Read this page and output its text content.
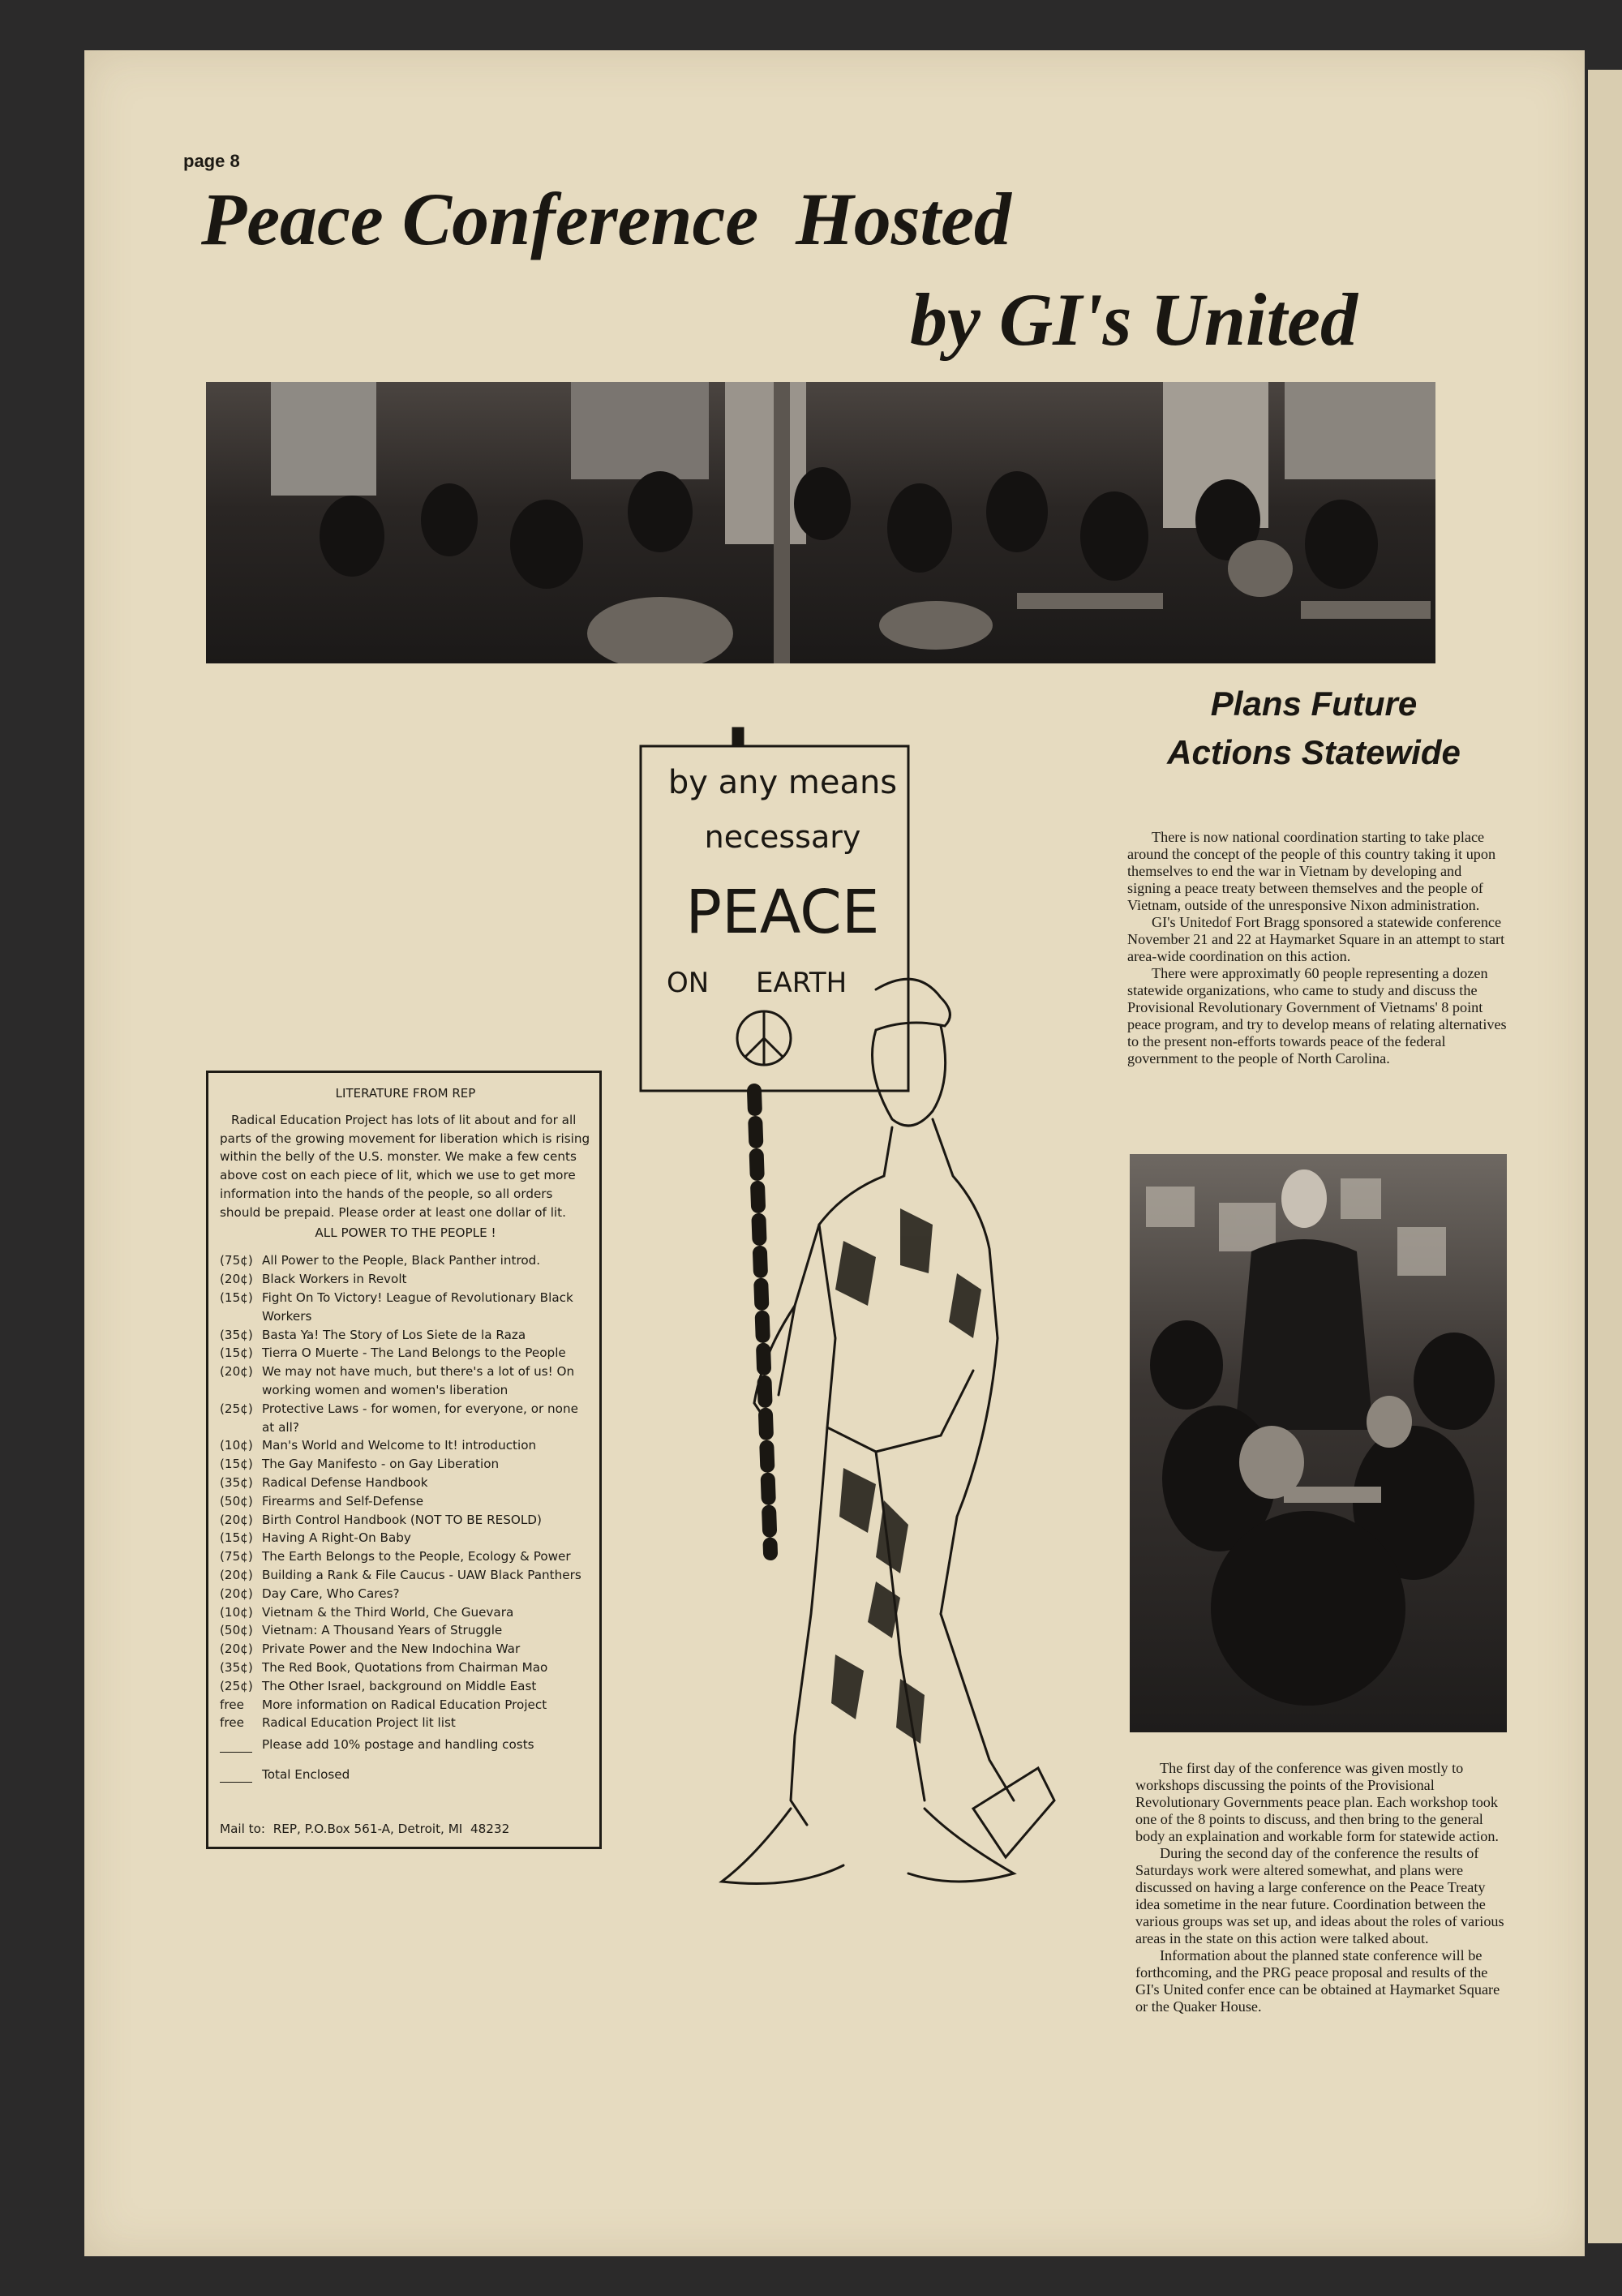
page 8
Peace Conference  Hosted
by GI's United
Plans Future
Actions Statewide

There is now national coordination starting to take place around the concept of the people of this country taking it upon themselves to end the war in Vietnam by developing and signing a peace treaty between themselves and the people of Vietnam, outside of the unresponsive Nixon administration.

GI's Unitedof Fort Bragg sponsored a statewide conference November 21 and 22 at Haymarket Square in an attempt to start area-wide coordination on this action.

There were approximatly 60 people representing a dozen statewide organizations, who came to study and discuss the Provisional Revolutionary Government of Vietnams' 8 point peace program, and try to develop means of relating alternatives to the present non-efforts towards peace of the federal government to the people of North Carolina.

The first day of the conference was given mostly to workshops discussing the points of the Provisional Revolutionary Governments peace plan. Each workshop took one of the 8 points to discuss, and then bring to the general body an explaination and workable form for statewide action.

During the second day of the conference the results of Saturdays work were altered somewhat, and plans were discussed on having a large conference on the Peace Treaty idea sometime in the near future. Coordination between the various groups was set up, and ideas about the roles of various areas in the state on this action were talked about.

Information about the planned state conference will be forthcoming, and the PRG peace proposal and results of the GI's United confer ence can be obtained at Haymarket Square or the Quaker House.

by any means
necessary
PEACE
ON EARTH
LITERATURE FROM REP
Radical Education Project has lots of lit about and for all parts of the growing movement for liberation which is rising within the belly of the U.S. monster. We make a few cents above cost on each piece of lit, which we use to get more information into the hands of the people, so all orders should be prepaid. Please order at least one dollar of lit.
ALL POWER TO THE PEOPLE !
(75¢) All Power to the People, Black Panther introd.
(20¢) Black Workers in Revolt
(15¢) Fight On To Victory! League of Revolutionary Black Workers
(35¢) Basta Ya! The Story of Los Siete de la Raza
(15¢) Tierra O Muerte - The Land Belongs to the People
(20¢) We may not have much, but there's a lot of us! On working women and women's liberation
(25¢) Protective Laws - for women, for everyone, or none at all?
(10¢) Man's World and Welcome to It! introduction
(15¢) The Gay Manifesto - on Gay Liberation
(35¢) Radical Defense Handbook
(50¢) Firearms and Self-Defense
(20¢) Birth Control Handbook (NOT TO BE RESOLD)
(15¢) Having A Right-On Baby
(75¢) The Earth Belongs to the People, Ecology & Power
(20¢) Building a Rank & File Caucus - UAW Black Panthers
(20¢) Day Care, Who Cares?
(10¢) Vietnam & the Third World, Che Guevara
(50¢) Vietnam: A Thousand Years of Struggle
(20¢) Private Power and the New Indochina War
(35¢) The Red Book, Quotations from Chairman Mao
(25¢) The Other Israel, background on Middle East
free	More information on Radical Education Project
free	Radical Education Project lit list
Please add 10% postage and handling costs
Total Enclosed
Mail to:  REP, P.O.Box 561-A, Detroit, MI  48232
